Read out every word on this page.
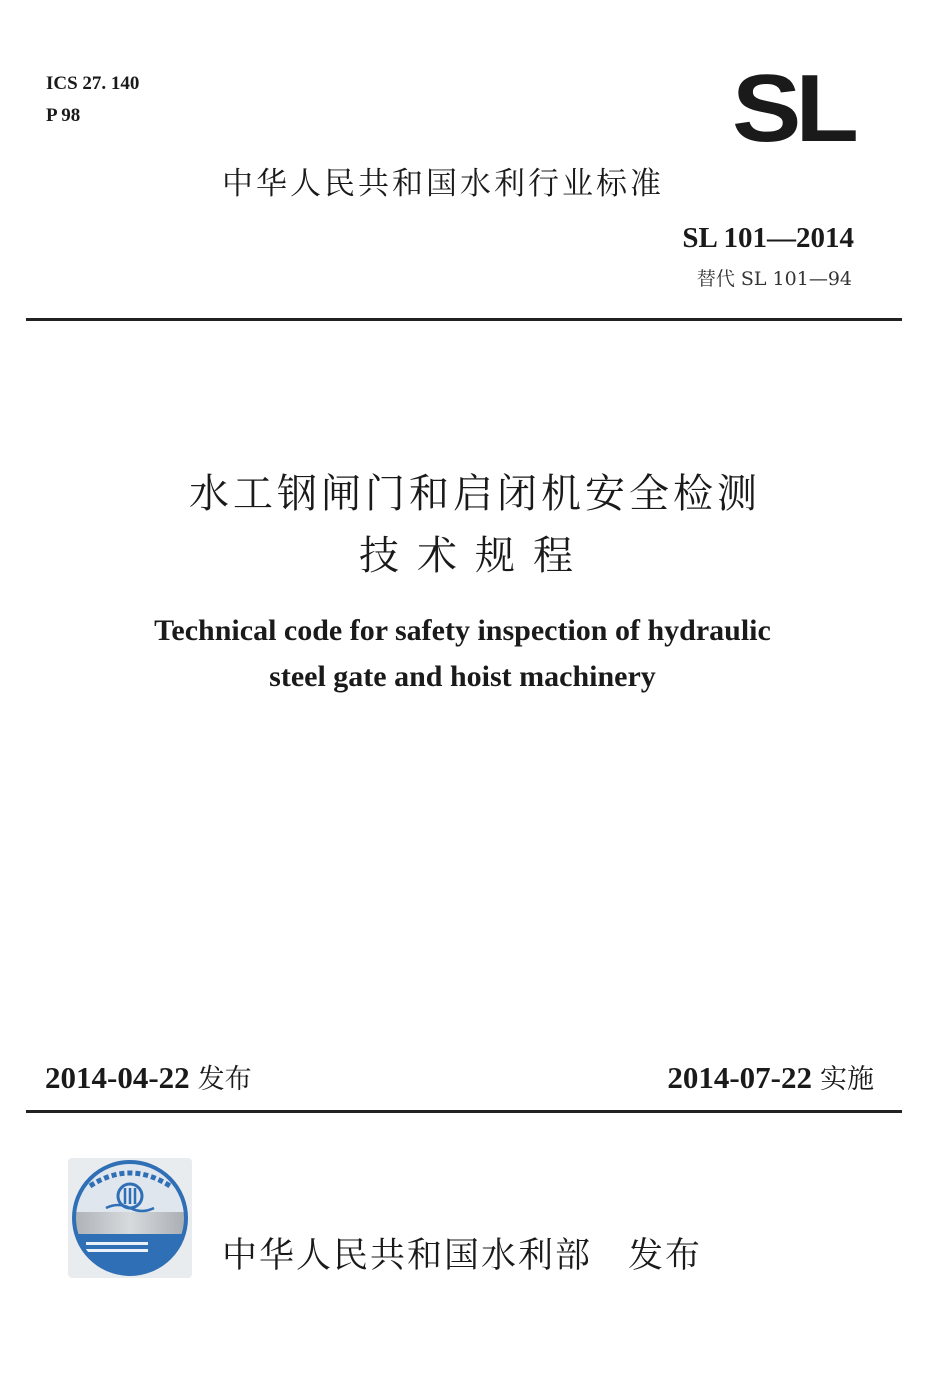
ICS 27. 140
P 98	SL
中华人民共和国水利行业标准
SL 101—2014
替代 SL 101—94
水工钢闸门和启闭机安全检测
技术规程
Technical code for safety inspection of hydraulic
steel gate and hoist machinery
2014-04-22 发布	2014-07-22 实施
中华人民共和国水利部 发布
